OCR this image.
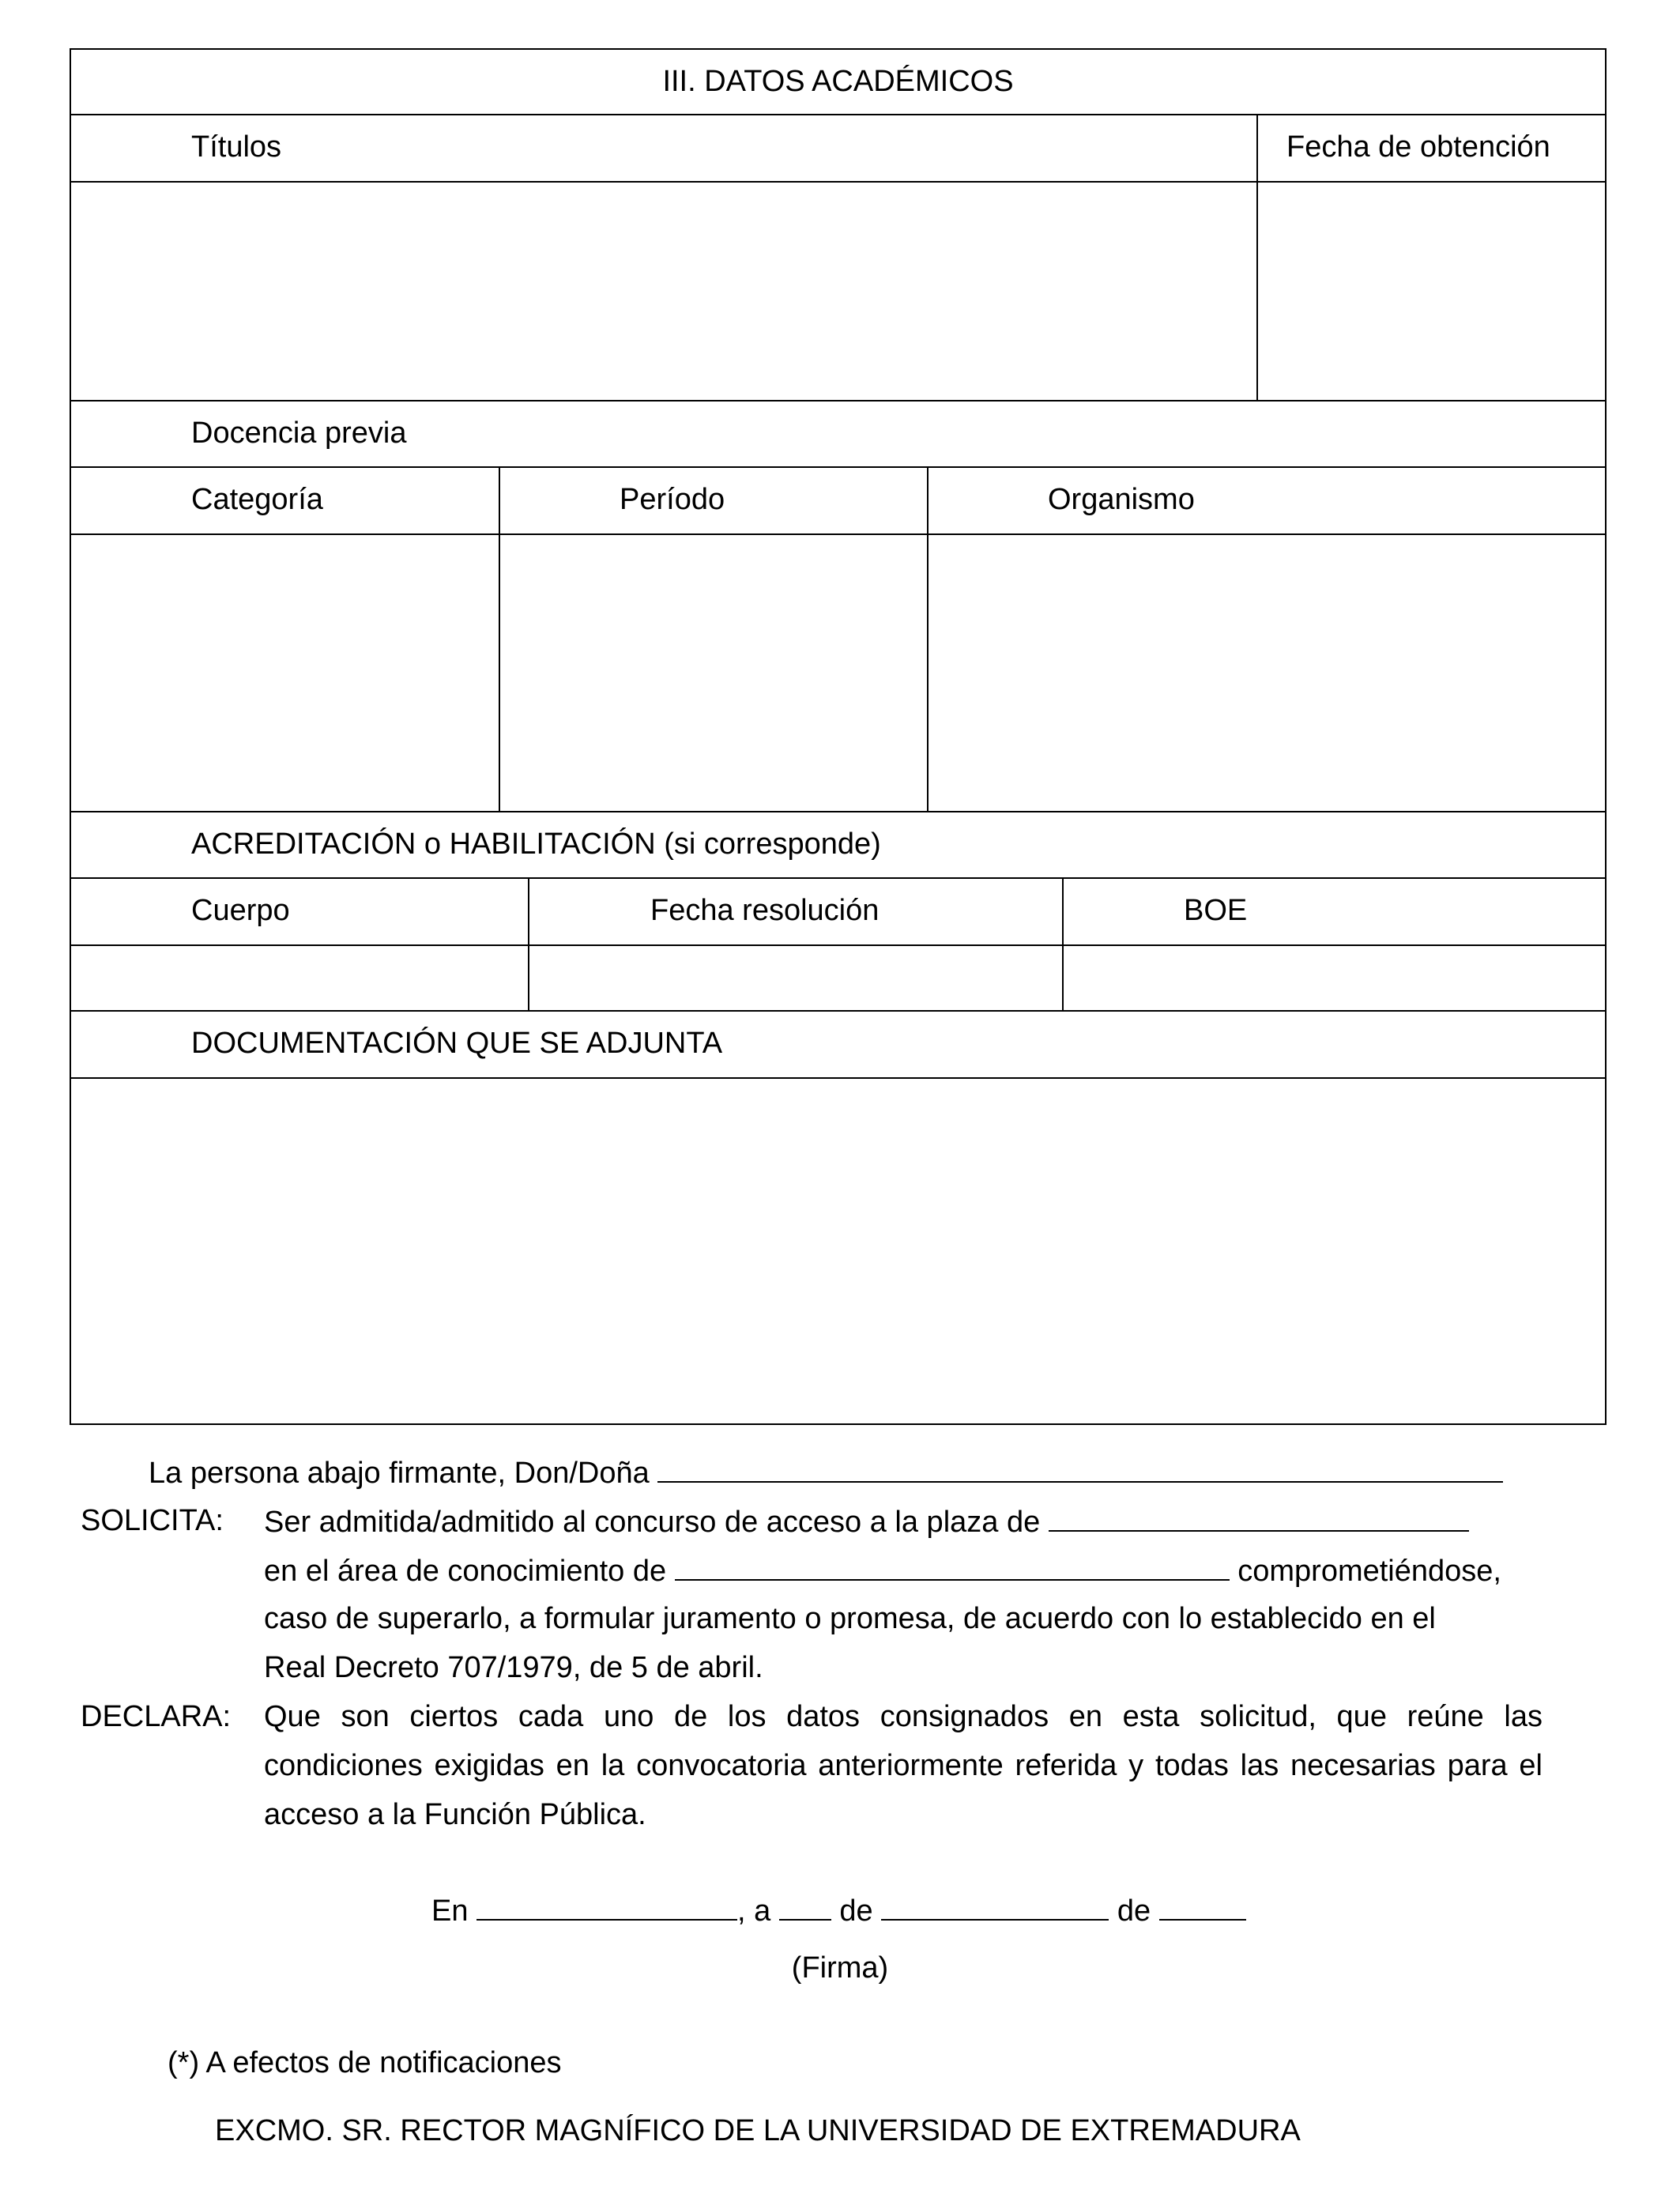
III. DATOS ACADÉMICOS
Títulos	Fecha de obtención
Docencia previa
Categoría	Período	Organismo
ACREDITACIÓN o HABILITACIÓN (si corresponde)
Cuerpo	Fecha resolución	BOE
DOCUMENTACIÓN QUE SE ADJUNTA
La persona abajo firmante, Don/Doña
SOLICITA: Ser admitida/admitido al concurso de acceso a la plaza de
en el área de conocimiento de	comprometiéndose,
caso de superarlo, a formular juramento o promesa, de acuerdo con lo establecido en el
Real Decreto 707/1979, de 5 de abril.
DECLARA: Que son ciertos cada uno de los datos consignados en esta solicitud, que reúne las condiciones exigidas en la convocatoria anteriormente referida y todas las necesarias para el acceso a la Función Pública.
En	, a de	de
(Firma)
(*) A efectos de notificaciones
EXCMO. SR. RECTOR MAGNÍFICO DE LA UNIVERSIDAD DE EXTREMADURA
